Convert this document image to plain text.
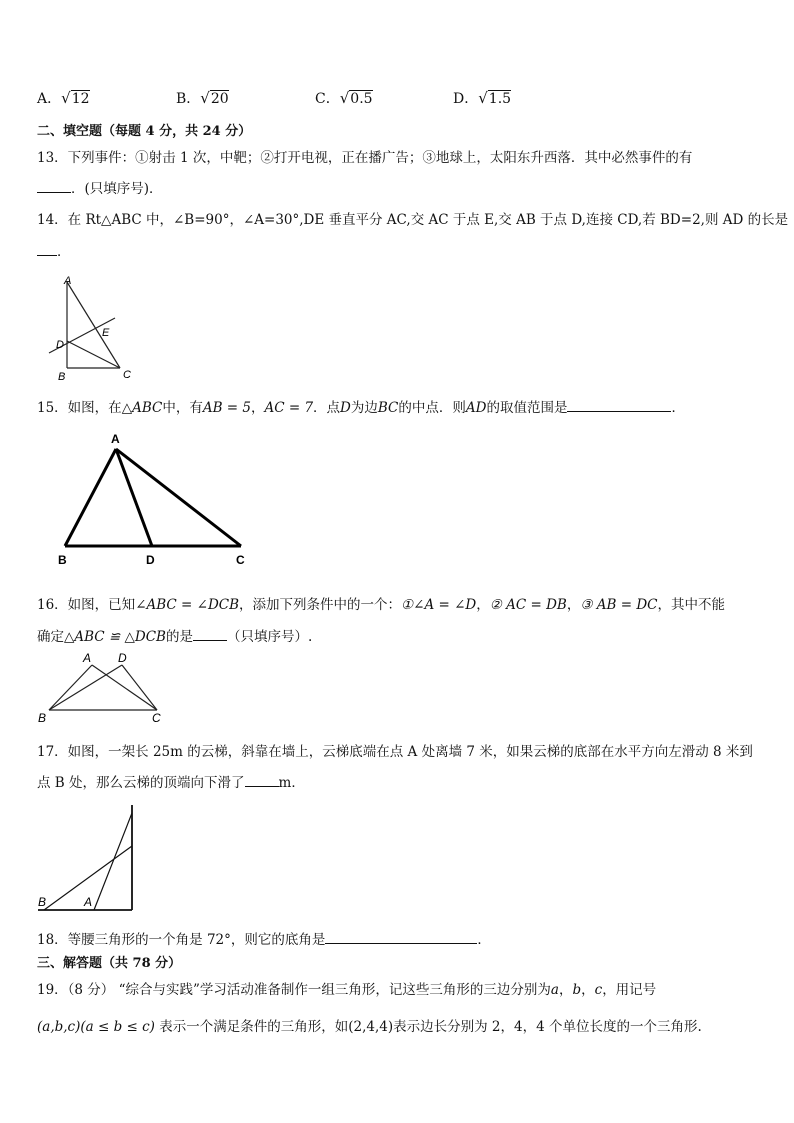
A．√12	B．√20	C．√0.5	D．√1.5
二、填空题（每题 4 分，共 24 分）
13．下列事件：①射击 1 次，中靶；②打开电视，正在播广告；③地球上，太阳东升西落．其中必然事件的有
．(只填序号)．
14．在 Rt△ABC 中，∠B=90°，∠A=30°,DE 垂直平分 AC,交 AC 于点 E,交 AB 于点 D,连接 CD,若 BD=2,则 AD 的长是
．
A
B	C
D
E
15．如图，在△ABC中，有AB = 5，AC = 7．点D为边BC的中点．则AD的取值范围是	．
A
B	D	C
16．如图，已知∠ABC = ∠DCB，添加下列条件中的一个：①∠A = ∠D，② AC = DB，③ AB = DC，其中不能
确定△ABC ≌ △DCB的是	（只填序号）.
A D
B	C
17．如图，一架长 25m 的云梯，斜靠在墙上，云梯底端在点 A 处离墙 7 米，如果云梯的底部在水平方向左滑动 8 米到
点 B 处，那么云梯的顶端向下滑了	m．
B	A
18．等腰三角形的一个角是 72°，则它的底角是	．
三、解答题（共 78 分）
19．（8 分） “综合与实践”学习活动准备制作一组三角形，记这些三角形的三边分别为a，b，c，用记号
(a,b,c)(a ≤ b ≤ c) 表示一个满足条件的三角形，如(2,4,4)表示边长分别为 2，4，4 个单位长度的一个三角形.
